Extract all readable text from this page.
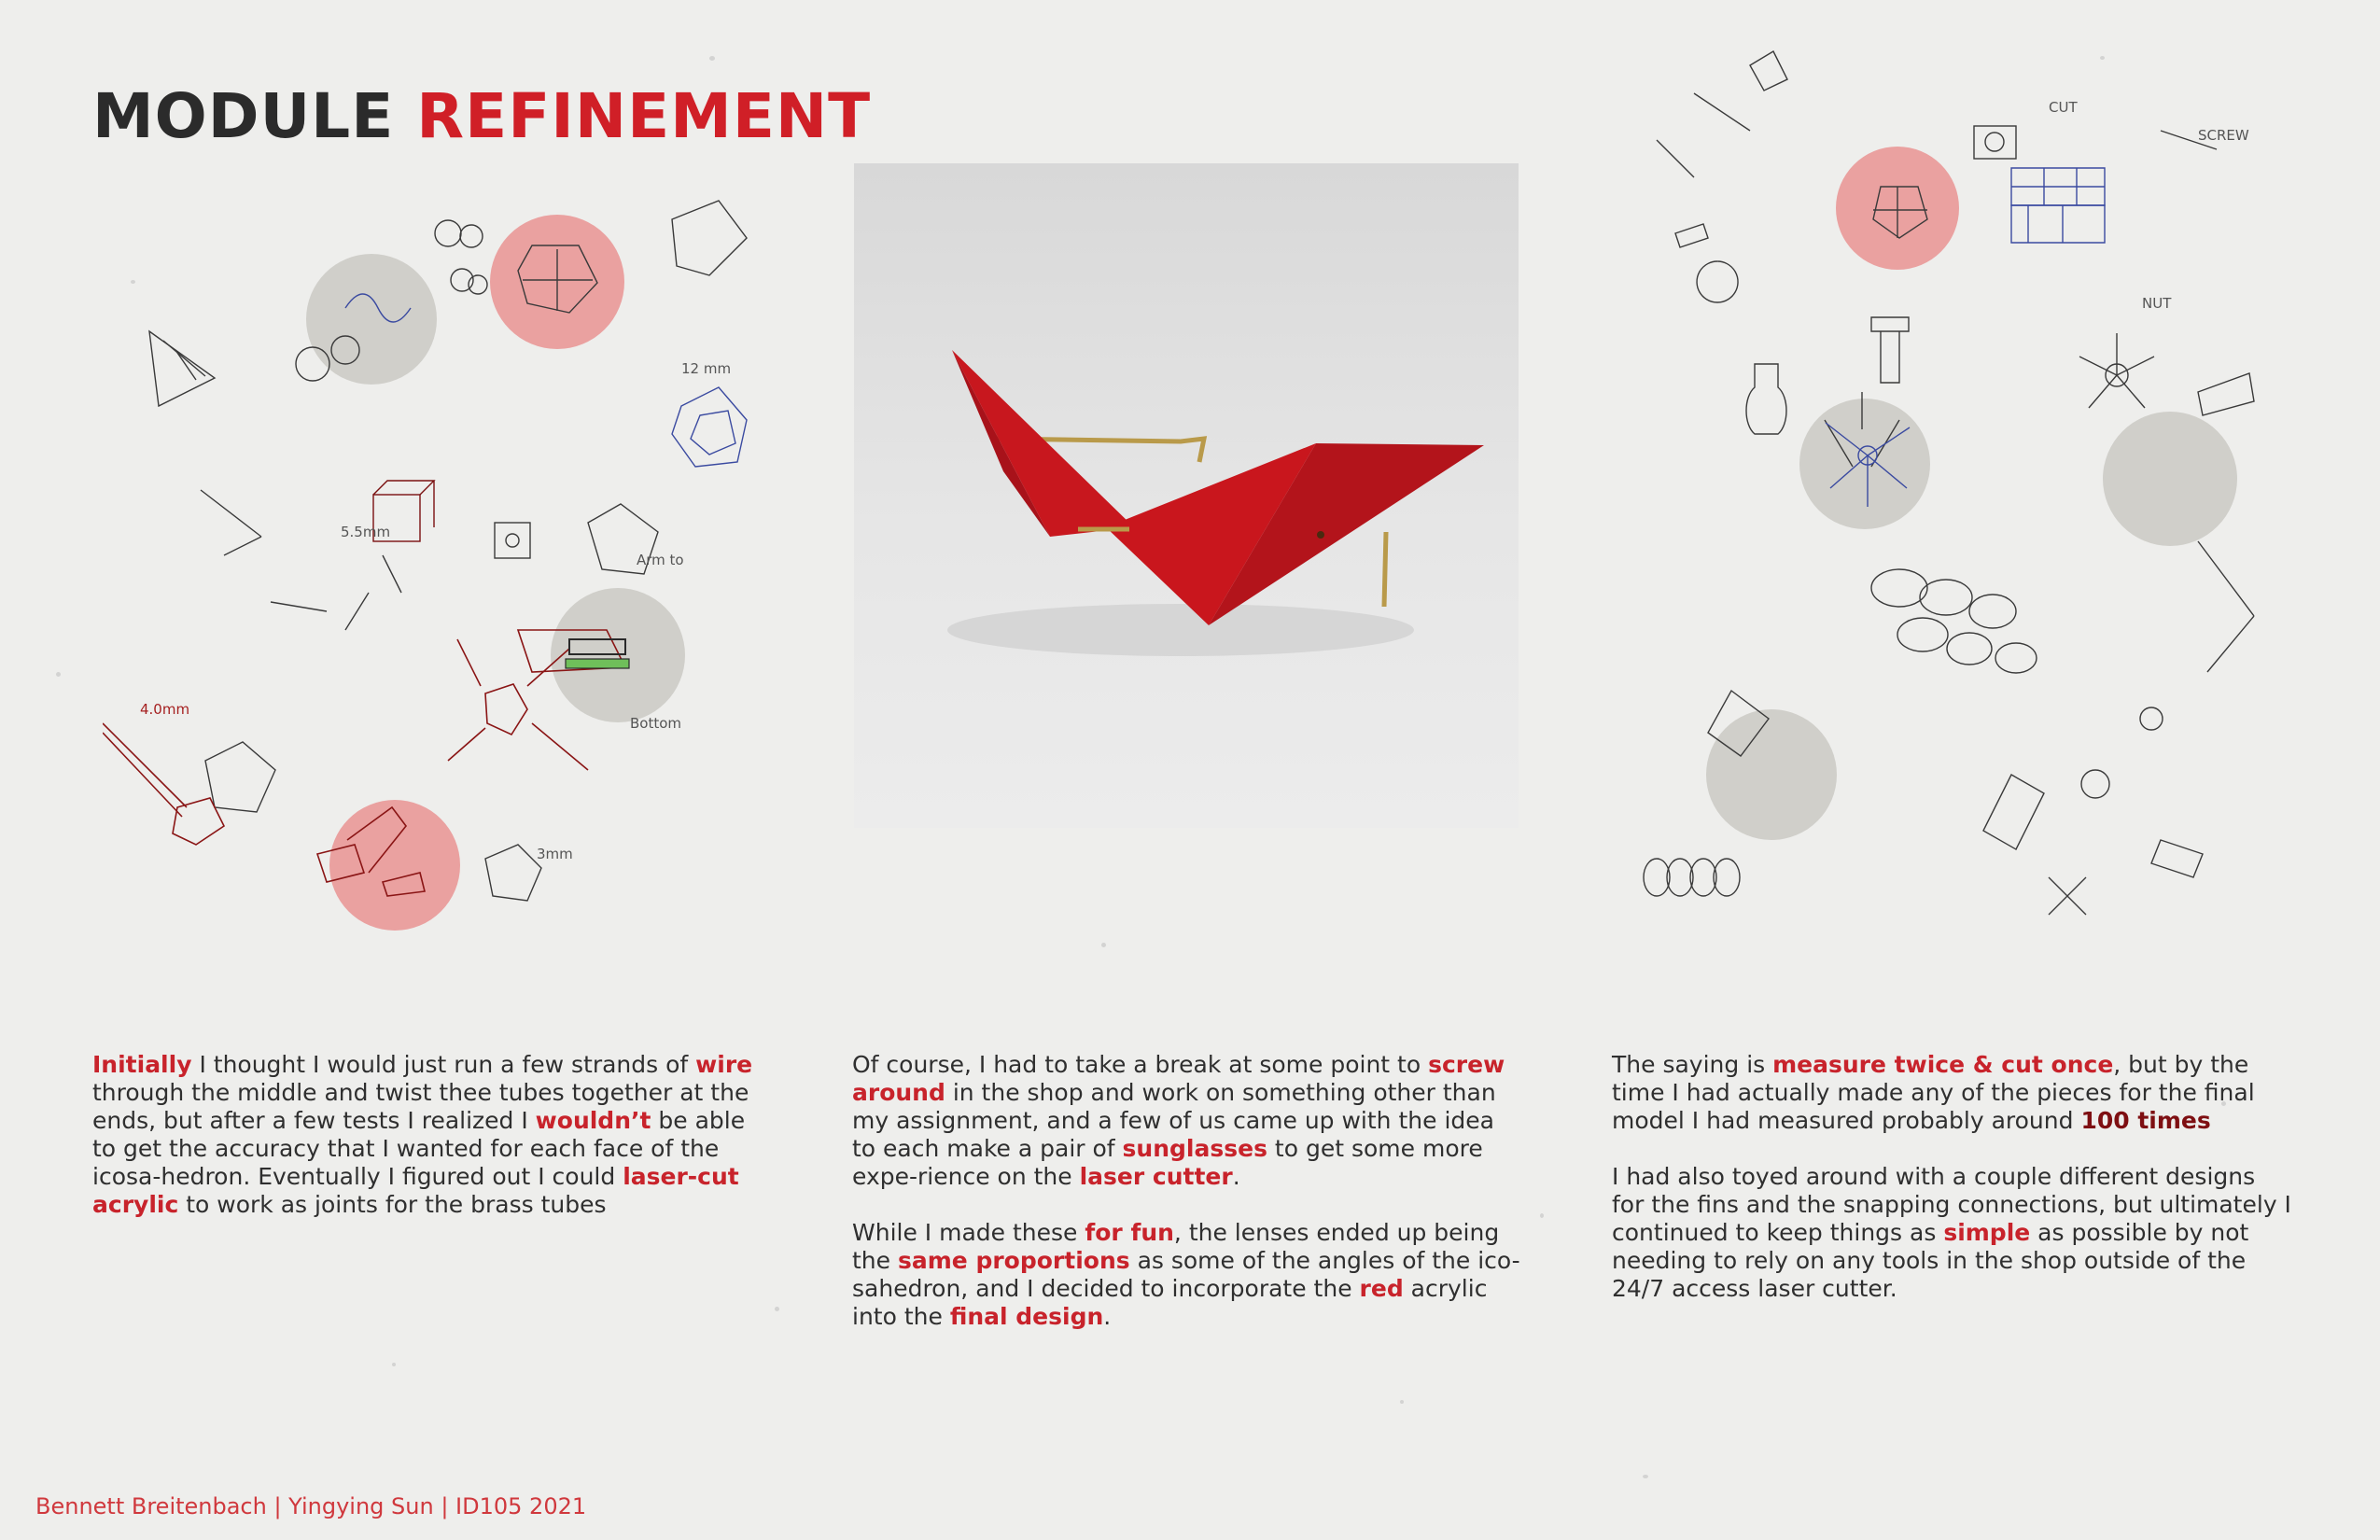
MODULE REFINEMENT
4.0mm
5.5mm
3mm
12 mm
Arm to
Bottom
SCREW
NUT
CUT

Initially I thought I would just run a few strands of wire through the middle and twist thee tubes together at the ends, but after a few tests I realized I wouldn’t be able to get the accuracy that I wanted for each face of the icosa-hedron. Eventually I figured out I could laser-cut acrylic to work as joints for the brass tubes

Of course, I had to take a break at some point to screw around in the shop and work on something other than my assignment, and a few of us came up with the idea to each make a pair of sunglasses to get some more expe-rience on the laser cutter.

While I made these for fun, the lenses ended up being the same proportions as some of the angles of the ico-sahedron, and I decided to incorporate the red acrylic into the final design.

The saying is measure twice & cut once, but by the time I had actually made any of the pieces for the final model I had measured probably around 100 times

I had also toyed around with a couple different designs for the fins and the snapping connections, but ultimately I continued to keep things as simple as possible by not needing to rely on any tools in the shop outside of the 24/7 access laser cutter.

Bennett Breitenbach | Yingying Sun | ID105 2021
